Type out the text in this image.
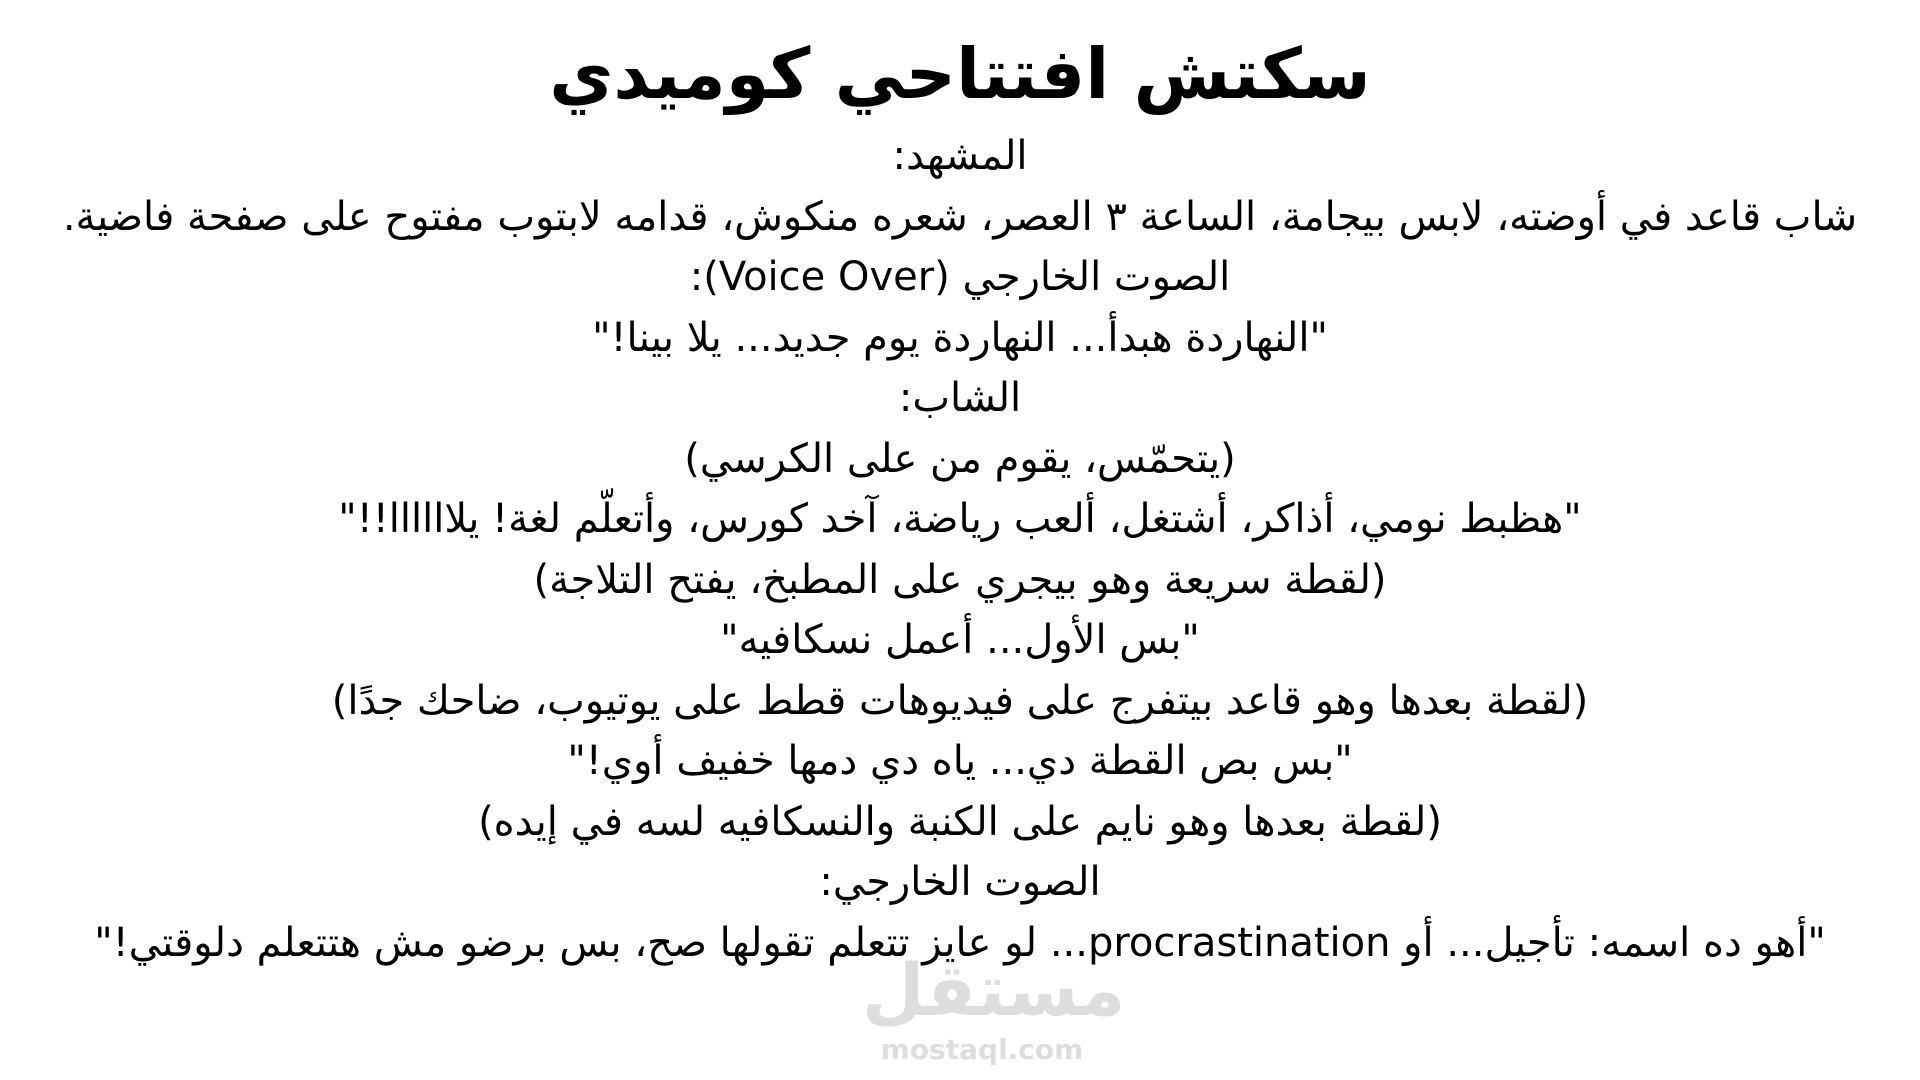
سكتش افتتاحي كوميدي

المشهد:

شاب قاعد في أوضته، لابس بيجامة، الساعة ٣ العصر، شعره منكوش، قدامه لابتوب مفتوح على صفحة فاضية.

الصوت الخارجي (Voice Over):

"النهاردة هبدأ... النهاردة يوم جديد... يلا بينا!"

الشاب:

(يتحمّس، يقوم من على الكرسي)

"هظبط نومي، أذاكر، أشتغل، ألعب رياضة، آخد كورس، وأتعلّم لغة! يلاااااا!!"

(لقطة سريعة وهو بيجري على المطبخ، يفتح التلاجة)

"بس الأول... أعمل نسكافيه"

(لقطة بعدها وهو قاعد بيتفرج على فيديوهات قطط على يوتيوب، ضاحك جدًا)

"بس بص القطة دي... ياه دي دمها خفيف أوي!"

(لقطة بعدها وهو نايم على الكنبة والنسكافيه لسه في إيده)

الصوت الخارجي:

"أهو ده اسمه: تأجيل... أو procrastination... لو عايز تتعلم تقولها صح، بس برضو مش هتتعلم دلوقتي!"

مستقل
mostaql.com
